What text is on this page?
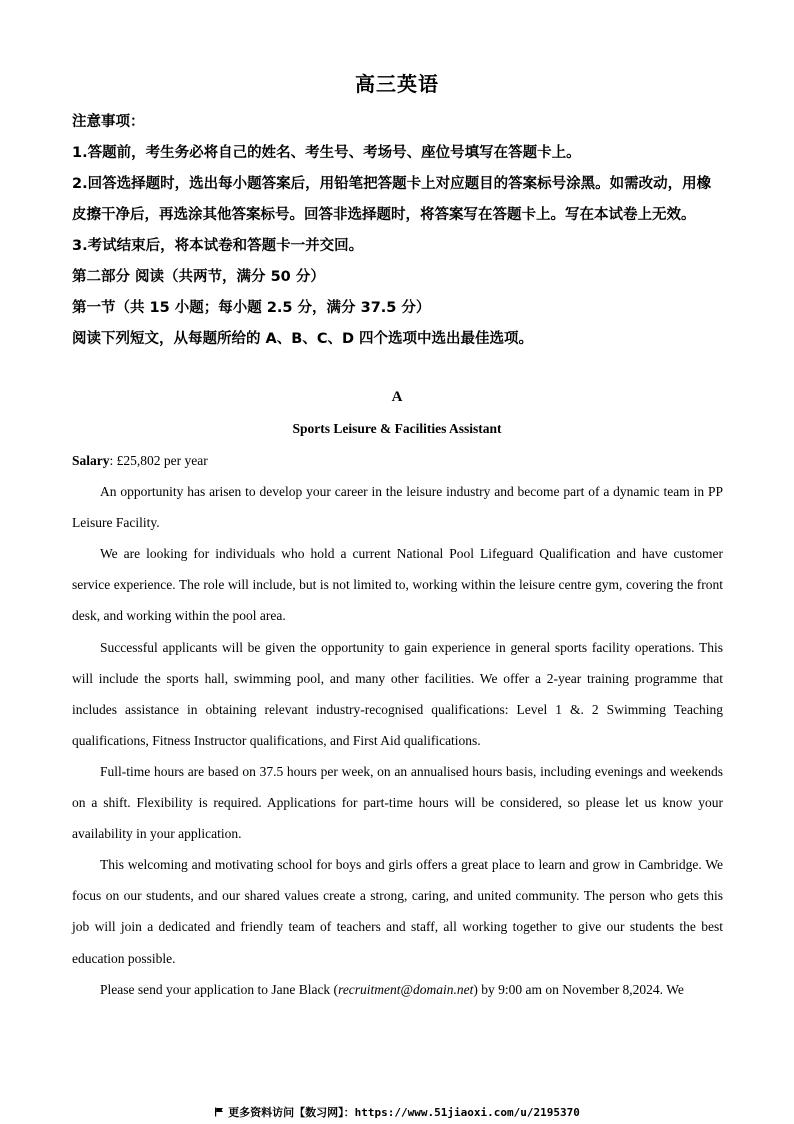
高三英语
注意事项：
1.答题前，考生务必将自己的姓名、考生号、考场号、座位号填写在答题卡上。
2.回答选择题时，选出每小题答案后，用铅笔把答题卡上对应题目的答案标号涂黑。如需改动，用橡皮擦干净后，再选涂其他答案标号。回答非选择题时，将答案写在答题卡上。写在本试卷上无效。
3.考试结束后，将本试卷和答题卡一并交回。
第二部分 阅读（共两节，满分 50 分）
第一节（共 15 小题；每小题 2.5 分，满分 37.5 分）
阅读下列短文，从每题所给的 A、B、C、D 四个选项中选出最佳选项。
A
Sports Leisure & Facilities Assistant

Salary: £25,802 per year

An opportunity has arisen to develop your career in the leisure industry and become part of a dynamic team in PP Leisure Facility.

We are looking for individuals who hold a current National Pool Lifeguard Qualification and have customer service experience. The role will include, but is not limited to, working within the leisure centre gym, covering the front desk, and working within the pool area.

Successful applicants will be given the opportunity to gain experience in general sports facility operations. This will include the sports hall, swimming pool, and many other facilities. We offer a 2-year training programme that includes assistance in obtaining relevant industry-recognised qualifications: Level 1 &. 2 Swimming Teaching qualifications, Fitness Instructor qualifications, and First Aid qualifications.

Full-time hours are based on 37.5 hours per week, on an annualised hours basis, including evenings and weekends on a shift. Flexibility is required. Applications for part-time hours will be considered, so please let us know your availability in your application.

This welcoming and motivating school for boys and girls offers a great place to learn and grow in Cambridge. We focus on our students, and our shared values create a strong, caring, and united community. The person who gets this job will join a dedicated and friendly team of teachers and staff, all working together to give our students the best education possible.

Please send your application to Jane Black (recruitment@domain.net) by 9:00 am on November 8,2024. We

更多资料访问【数习网】：https://www.51jiaoxi.com/u/2195370
